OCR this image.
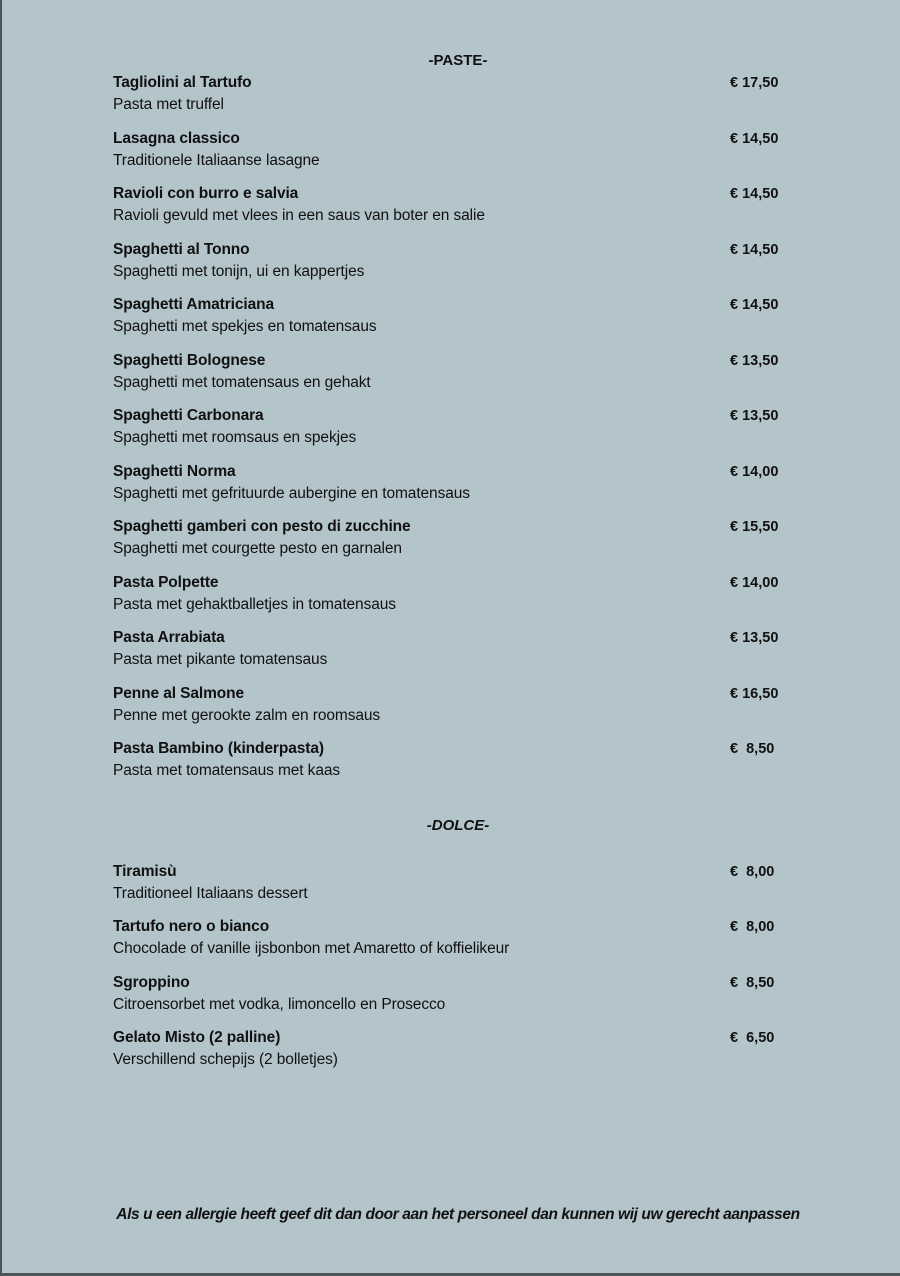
-PASTE-
Tagliolini al Tartufo
Pasta met truffel
€ 17,50
Lasagna classico
Traditionele Italiaanse lasagne
€ 14,50
Ravioli con burro e salvia
Ravioli gevuld met vlees in een saus van boter en salie
€ 14,50
Spaghetti al Tonno
Spaghetti met tonijn, ui en kappertjes
€ 14,50
Spaghetti Amatriciana
Spaghetti met spekjes en tomatensaus
€ 14,50
Spaghetti Bolognese
Spaghetti met tomatensaus en gehakt
€ 13,50
Spaghetti Carbonara
Spaghetti met roomsaus en spekjes
€ 13,50
Spaghetti Norma
Spaghetti met gefrituurde aubergine en tomatensaus
€ 14,00
Spaghetti gamberi con pesto di zucchine
Spaghetti met courgette pesto en garnalen
€ 15,50
Pasta Polpette
Pasta met gehaktballetjes in tomatensaus
€ 14,00
Pasta Arrabiata
Pasta met pikante tomatensaus
€ 13,50
Penne al Salmone
Penne met gerookte zalm en roomsaus
€ 16,50
Pasta Bambino (kinderpasta)
Pasta met tomatensaus met kaas
€  8,50
-DOLCE-
Tiramisù
Traditioneel Italiaans dessert
€  8,00
Tartufo nero o bianco
Chocolade of vanille ijsbonbon met Amaretto of koffielikeur
€  8,00
Sgroppino
Citroensorbet met vodka, limoncello en Prosecco
€  8,50
Gelato Misto (2 palline)
Verschillend schepijs (2 bolletjes)
€  6,50
Als u een allergie heeft geef dit dan door aan het personeel dan kunnen wij uw gerecht aanpassen
